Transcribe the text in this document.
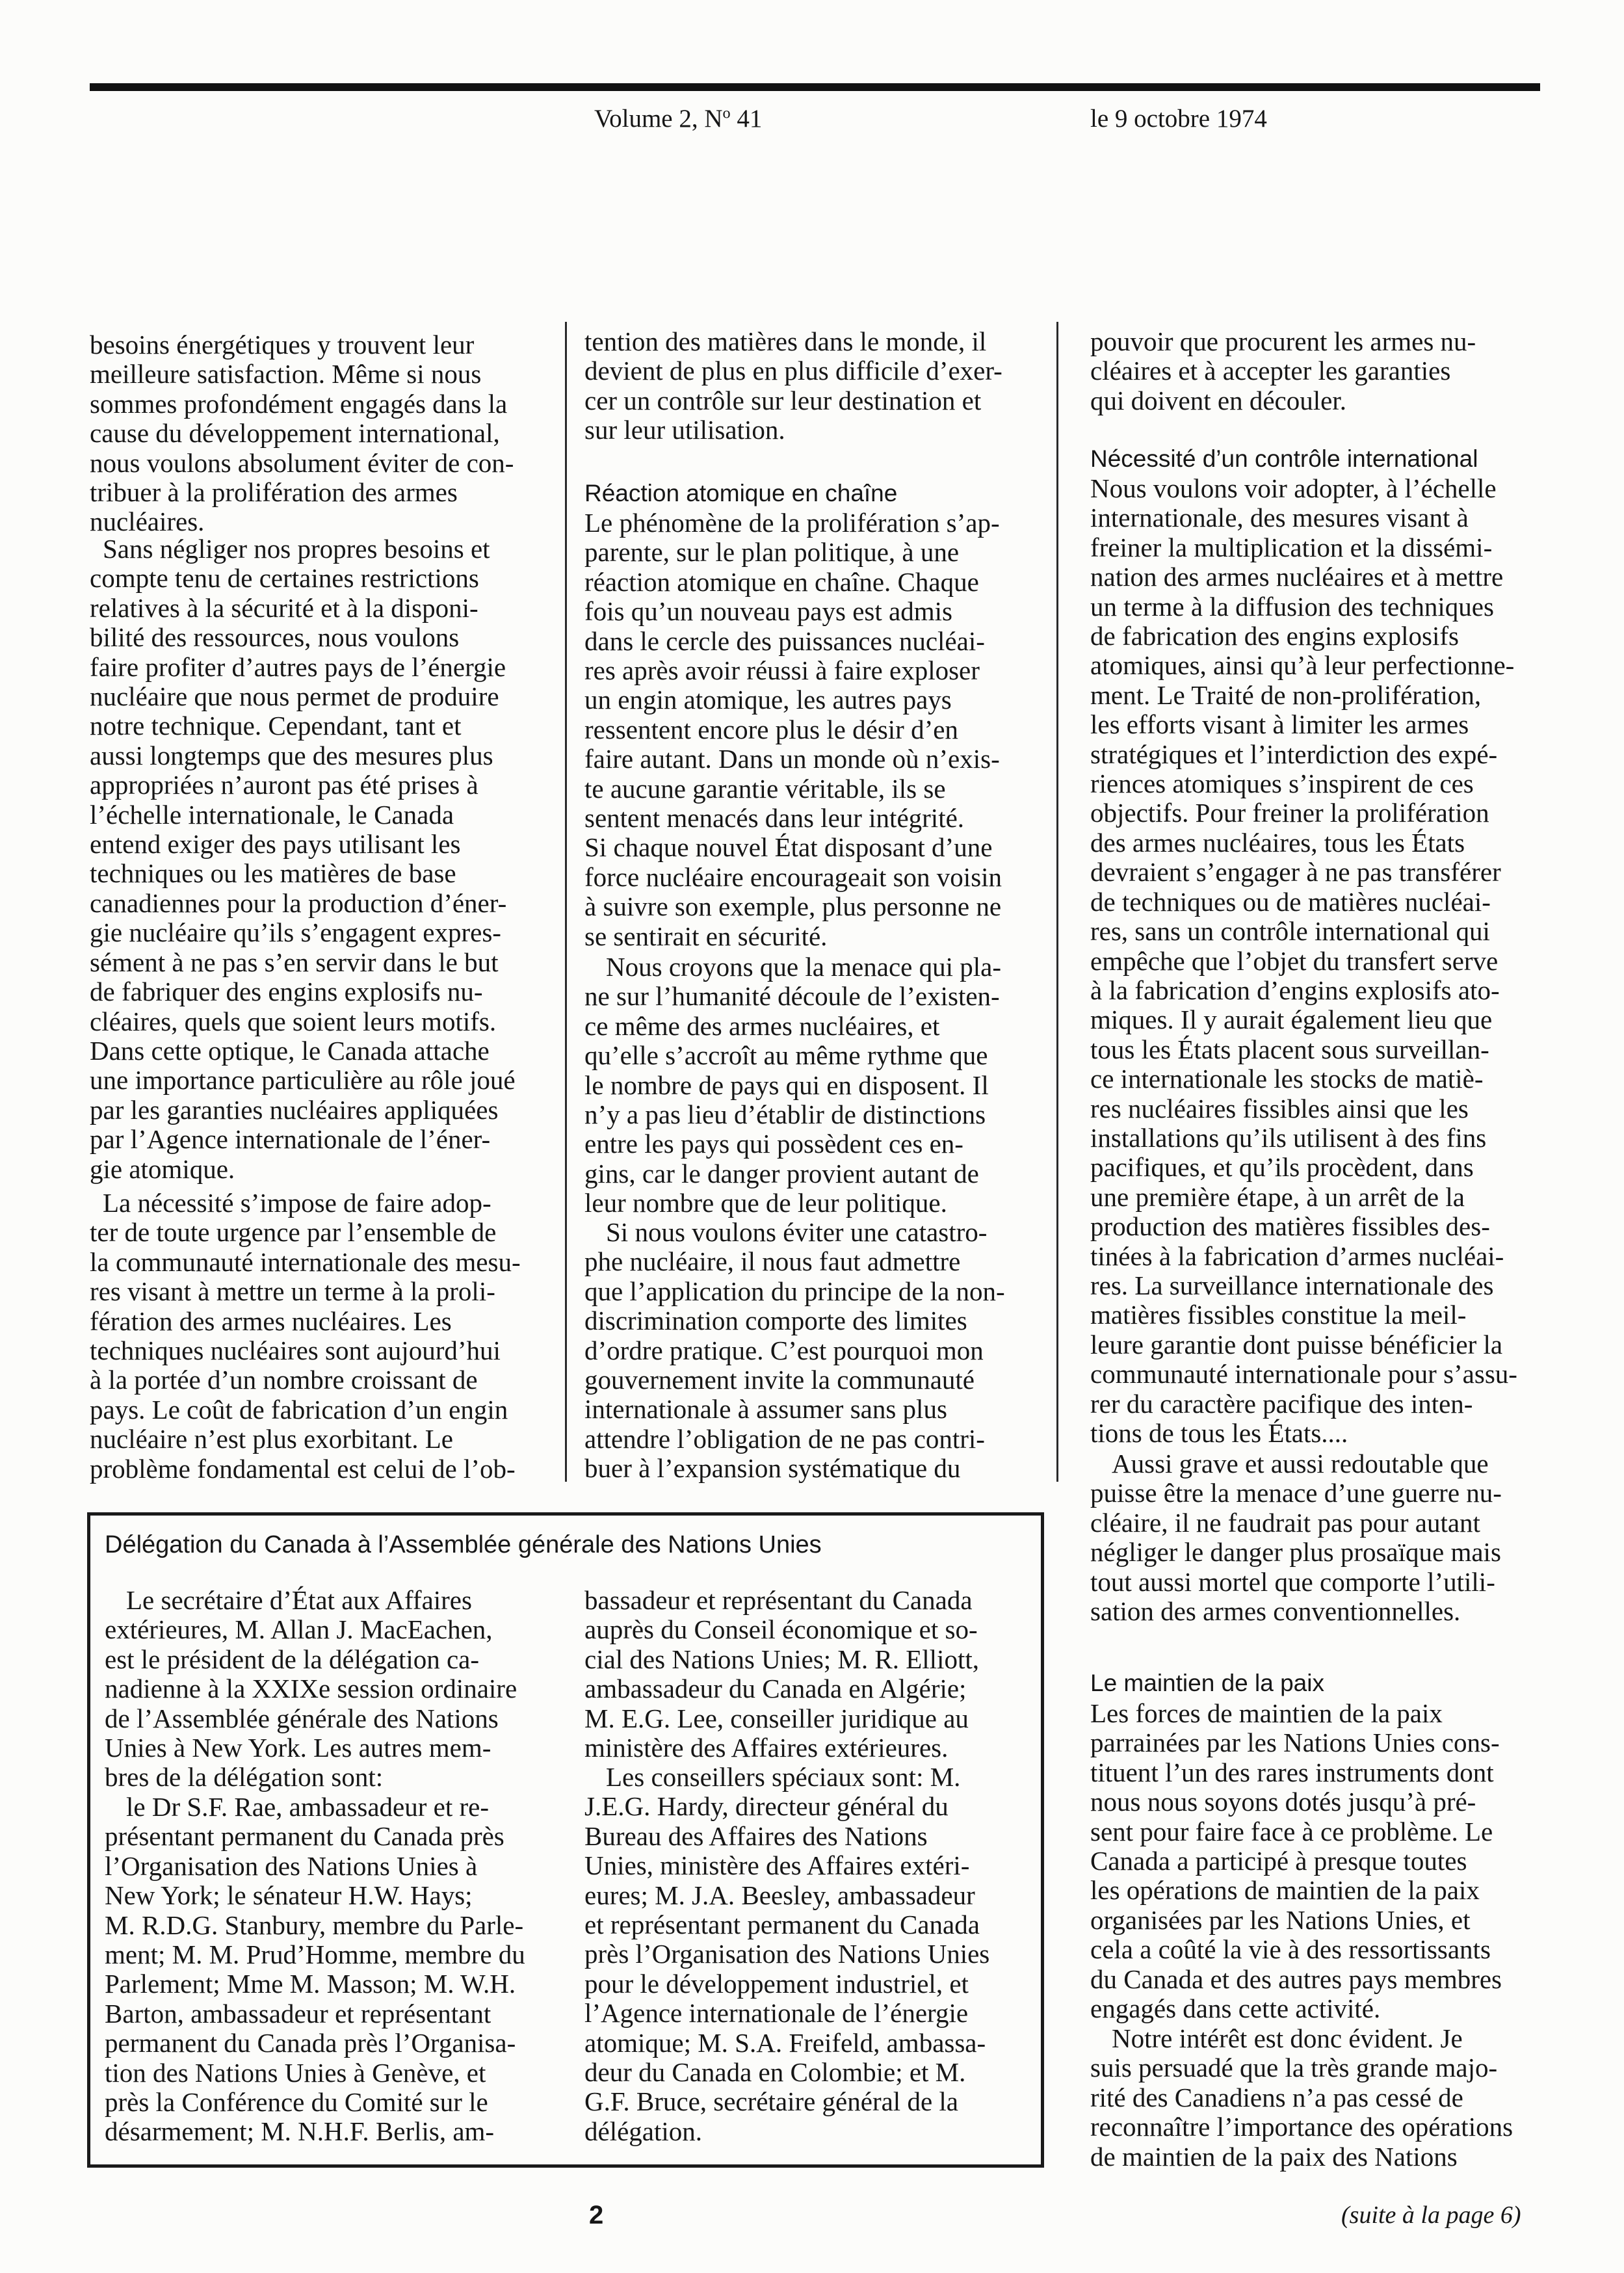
Volume 2, $N^o$ 41	le 9 octobre 1974
besoins énergétiques y trouvent leur
meilleure satisfaction. Même si nous
sommes profondément engagés dans la
cause du développement international,
nous voulons absolument éviter de con-
tribuer à la prolifération des armes
nucléaires.
Sans négliger nos propres besoins et
compte tenu de certaines restrictions
relatives à la sécurité et à la disponi-
bilité des ressources, nous voulons
faire profiter d’autres pays de l’énergie
nucléaire que nous permet de produire
notre technique. Cependant, tant et
aussi longtemps que des mesures plus
appropriées n’auront pas été prises à
l’échelle internationale, le Canada
entend exiger des pays utilisant les
techniques ou les matières de base
canadiennes pour la production d’éner-
gie nucléaire qu’ils s’engagent expres-
sément à ne pas s’en servir dans le but
de fabriquer des engins explosifs nu-
cléaires, quels que soient leurs motifs.
Dans cette optique, le Canada attache
une importance particulière au rôle joué
par les garanties nucléaires appliquées
par l’Agence internationale de l’éner-
gie atomique.
La nécessité s’impose de faire adop-
ter de toute urgence par l’ensemble de
la communauté internationale des mesu-
res visant à mettre un terme à la proli-
fération des armes nucléaires. Les
techniques nucléaires sont aujourd’hui
à la portée d’un nombre croissant de
pays. Le coût de fabrication d’un engin
nucléaire n’est plus exorbitant. Le
problème fondamental est celui de l’ob-
tention des matières dans le monde, il
devient de plus en plus difficile d’exer-
cer un contrôle sur leur destination et
sur leur utilisation.
Réaction atomique en chaîne
Le phénomène de la prolifération s’ap-
parente, sur le plan politique, à une
réaction atomique en chaîne. Chaque
fois qu’un nouveau pays est admis
dans le cercle des puissances nucléai-
res après avoir réussi à faire exploser
un engin atomique, les autres pays
ressentent encore plus le désir d’en
faire autant. Dans un monde où n’exis-
te aucune garantie véritable, ils se
sentent menacés dans leur intégrité.
Si chaque nouvel État disposant d’une
force nucléaire encourageait son voisin
à suivre son exemple, plus personne ne
se sentirait en sécurité.
Nous croyons que la menace qui pla-
ne sur l’humanité découle de l’existen-
ce même des armes nucléaires, et
qu’elle s’accroît au même rythme que
le nombre de pays qui en disposent. Il
n’y a pas lieu d’établir de distinctions
entre les pays qui possèdent ces en-
gins, car le danger provient autant de
leur nombre que de leur politique.
Si nous voulons éviter une catastro-
phe nucléaire, il nous faut admettre
que l’application du principe de la non-
discrimination comporte des limites
d’ordre pratique. C’est pourquoi mon
gouvernement invite la communauté
internationale à assumer sans plus
attendre l’obligation de ne pas contri-
buer à l’expansion systématique du
pouvoir que procurent les armes nu-
cléaires et à accepter les garanties
qui doivent en découler.
Nécessité d’un contrôle international
Nous voulons voir adopter, à l’échelle
internationale, des mesures visant à
freiner la multiplication et la dissémi-
nation des armes nucléaires et à mettre
un terme à la diffusion des techniques
de fabrication des engins explosifs
atomiques, ainsi qu’à leur perfectionne-
ment. Le Traité de non-prolifération,
les efforts visant à limiter les armes
stratégiques et l’interdiction des expé-
riences atomiques s’inspirent de ces
objectifs. Pour freiner la prolifération
des armes nucléaires, tous les États
devraient s’engager à ne pas transférer
de techniques ou de matières nucléai-
res, sans un contrôle international qui
empêche que l’objet du transfert serve
à la fabrication d’engins explosifs ato-
miques. Il y aurait également lieu que
tous les États placent sous surveillan-
ce internationale les stocks de matiè-
res nucléaires fissibles ainsi que les
installations qu’ils utilisent à des fins
pacifiques, et qu’ils procèdent, dans
une première étape, à un arrêt de la
production des matières fissibles des-
tinées à la fabrication d’armes nucléai-
res. La surveillance internationale des
matières fissibles constitue la meil-
leure garantie dont puisse bénéficier la
communauté internationale pour s’assu-
rer du caractère pacifique des inten-
tions de tous les États....
Aussi grave et aussi redoutable que
puisse être la menace d’une guerre nu-
cléaire, il ne faudrait pas pour autant
négliger le danger plus prosaïque mais
tout aussi mortel que comporte l’utili-
sation des armes conventionnelles.
Le maintien de la paix
Les forces de maintien de la paix
parrainées par les Nations Unies cons-
tituent l’un des rares instruments dont
nous nous soyons dotés jusqu’à pré-
sent pour faire face à ce problème. Le
Canada a participé à presque toutes
les opérations de maintien de la paix
organisées par les Nations Unies, et
cela a coûté la vie à des ressortissants
du Canada et des autres pays membres
engagés dans cette activité.
Notre intérêt est donc évident. Je
suis persuadé que la très grande majo-
rité des Canadiens n’a pas cessé de
reconnaître l’importance des opérations
de maintien de la paix des Nations
Délégation du Canada à l’Assemblée générale des Nations Unies
Le secrétaire d’État aux Affaires
extérieures, M. Allan J. MacEachen,
est le président de la délégation ca-
nadienne à la XXIXe session ordinaire
de l’Assemblée générale des Nations
Unies à New York. Les autres mem-
bres de la délégation sont:
le Dr S.F. Rae, ambassadeur et re-
présentant permanent du Canada près
l’Organisation des Nations Unies à
New York; le sénateur H.W. Hays;
M. R.D.G. Stanbury, membre du Parle-
ment; M. M. Prud’Homme, membre du
Parlement; Mme M. Masson; M. W.H.
Barton, ambassadeur et représentant
permanent du Canada près l’Organisa-
tion des Nations Unies à Genève, et
près la Conférence du Comité sur le
désarmement; M. N.H.F. Berlis, am-
bassadeur et représentant du Canada
auprès du Conseil économique et so-
cial des Nations Unies; M. R. Elliott,
ambassadeur du Canada en Algérie;
M. E.G. Lee, conseiller juridique au
ministère des Affaires extérieures.
Les conseillers spéciaux sont: M.
J.E.G. Hardy, directeur général du
Bureau des Affaires des Nations
Unies, ministère des Affaires extéri-
eures; M. J.A. Beesley, ambassadeur
et représentant permanent du Canada
près l’Organisation des Nations Unies
pour le développement industriel, et
l’Agence internationale de l’énergie
atomique; M. S.A. Freifeld, ambassa-
deur du Canada en Colombie; et M.
G.F. Bruce, secrétaire général de la
délégation.
2	(suite à la page 6)
